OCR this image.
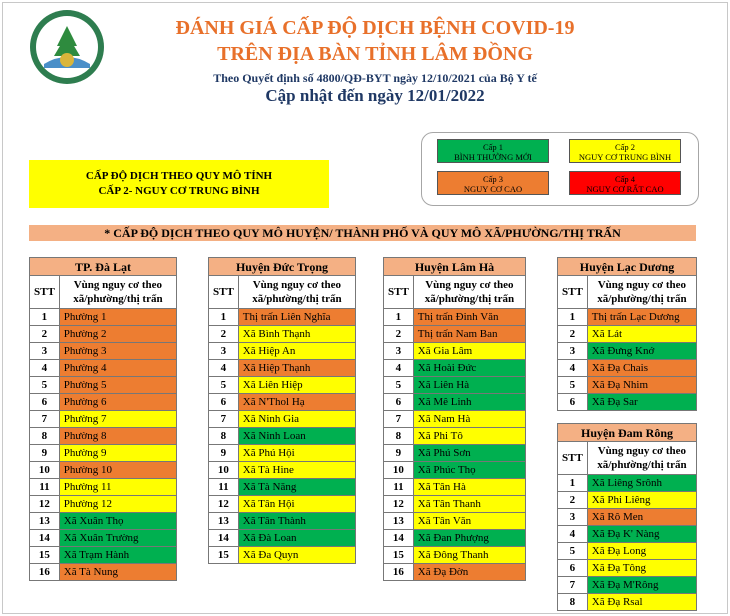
ĐÁNH GIÁ CẤP ĐỘ DỊCH BỆNH COVID-19
TRÊN ĐỊA BÀN TỈNH LÂM ĐỒNG
Theo Quyết định số 4800/QĐ-BYT ngày 12/10/2021 của Bộ Y tế
Cập nhật đến ngày 12/01/2022
CẤP ĐỘ DỊCH THEO QUY MÔ TỈNH
CẤP 2- NGUY CƠ TRUNG BÌNH
Cấp 1
BÌNH THƯỜNG MỚI
Cấp 2
NGUY CƠ TRUNG BÌNH
Cấp 3
NGUY CƠ CAO
Cấp 4
NGUY CƠ RẤT CAO
* CẤP ĐỘ DỊCH THEO QUY MÔ HUYỆN/ THÀNH PHỐ VÀ QUY MÔ XÃ/PHƯỜNG/THỊ TRẤN
TP. Đà Lạt	
STT	Vùng nguy cơ theo
xã/phường/thị trấn

1	Phường 1
2	Phường 2
3	Phường 3
4	Phường 4
5	Phường 5
6	Phường 6
7	Phường 7
8	Phường 8
9	Phường 9
10	Phường 10
11	Phường 11
12	Phường 12
13	Xã Xuân Thọ
14	Xã Xuân Trường
15	Xã Trạm Hành
16	Xã Tà Nung
Huyện Đức Trọng	
STT	Vùng nguy cơ theo
xã/phường/thị trấn

1	Thị trấn Liên Nghĩa
2	Xã Bình Thạnh
3	Xã Hiệp An
4	Xã Hiệp Thạnh
5	Xã Liên Hiệp
6	Xã N'Thol Hạ
7	Xã Ninh Gia
8	Xã Ninh Loan
9	Xã Phú Hội
10	Xã Tà Hine
11	Xã Tà Năng
12	Xã Tân Hội
13	Xã Tân Thành
14	Xã Đà Loan
15	Xã Đa Quyn
Huyện Lâm Hà	
STT	Vùng nguy cơ theo
xã/phường/thị trấn

1	Thị trấn Đinh Văn
2	Thị trấn Nam Ban
3	Xã Gia Lâm
4	Xã Hoài Đức
5	Xã Liên Hà
6	Xã Mê Linh
7	Xã Nam Hà
8	Xã Phi Tô
9	Xã Phú Sơn
10	Xã Phúc Thọ
11	Xã Tân Hà
12	Xã Tân Thanh
13	Xã Tân Văn
14	Xã Đan Phượng
15	Xã Đông Thanh
16	Xã Đạ Đờn
Huyện Lạc Dương	
STT	Vùng nguy cơ theo
xã/phường/thị trấn

1	Thị trấn Lạc Dương
2	Xã Lát
3	Xã Đưng Knớ
4	Xã Đạ Chais
5	Xã Đạ Nhim
6	Xã Đạ Sar
Huyện Đam Rông	
STT	Vùng nguy cơ theo
xã/phường/thị trấn

1	Xã Liêng Srônh
2	Xã Phi Liêng
3	Xã Rô Men
4	Xã Đạ K' Nàng
5	Xã Đạ Long
6	Xã Đạ Tông
7	Xã Đạ M'Rông
8	Xã Đạ Rsal
